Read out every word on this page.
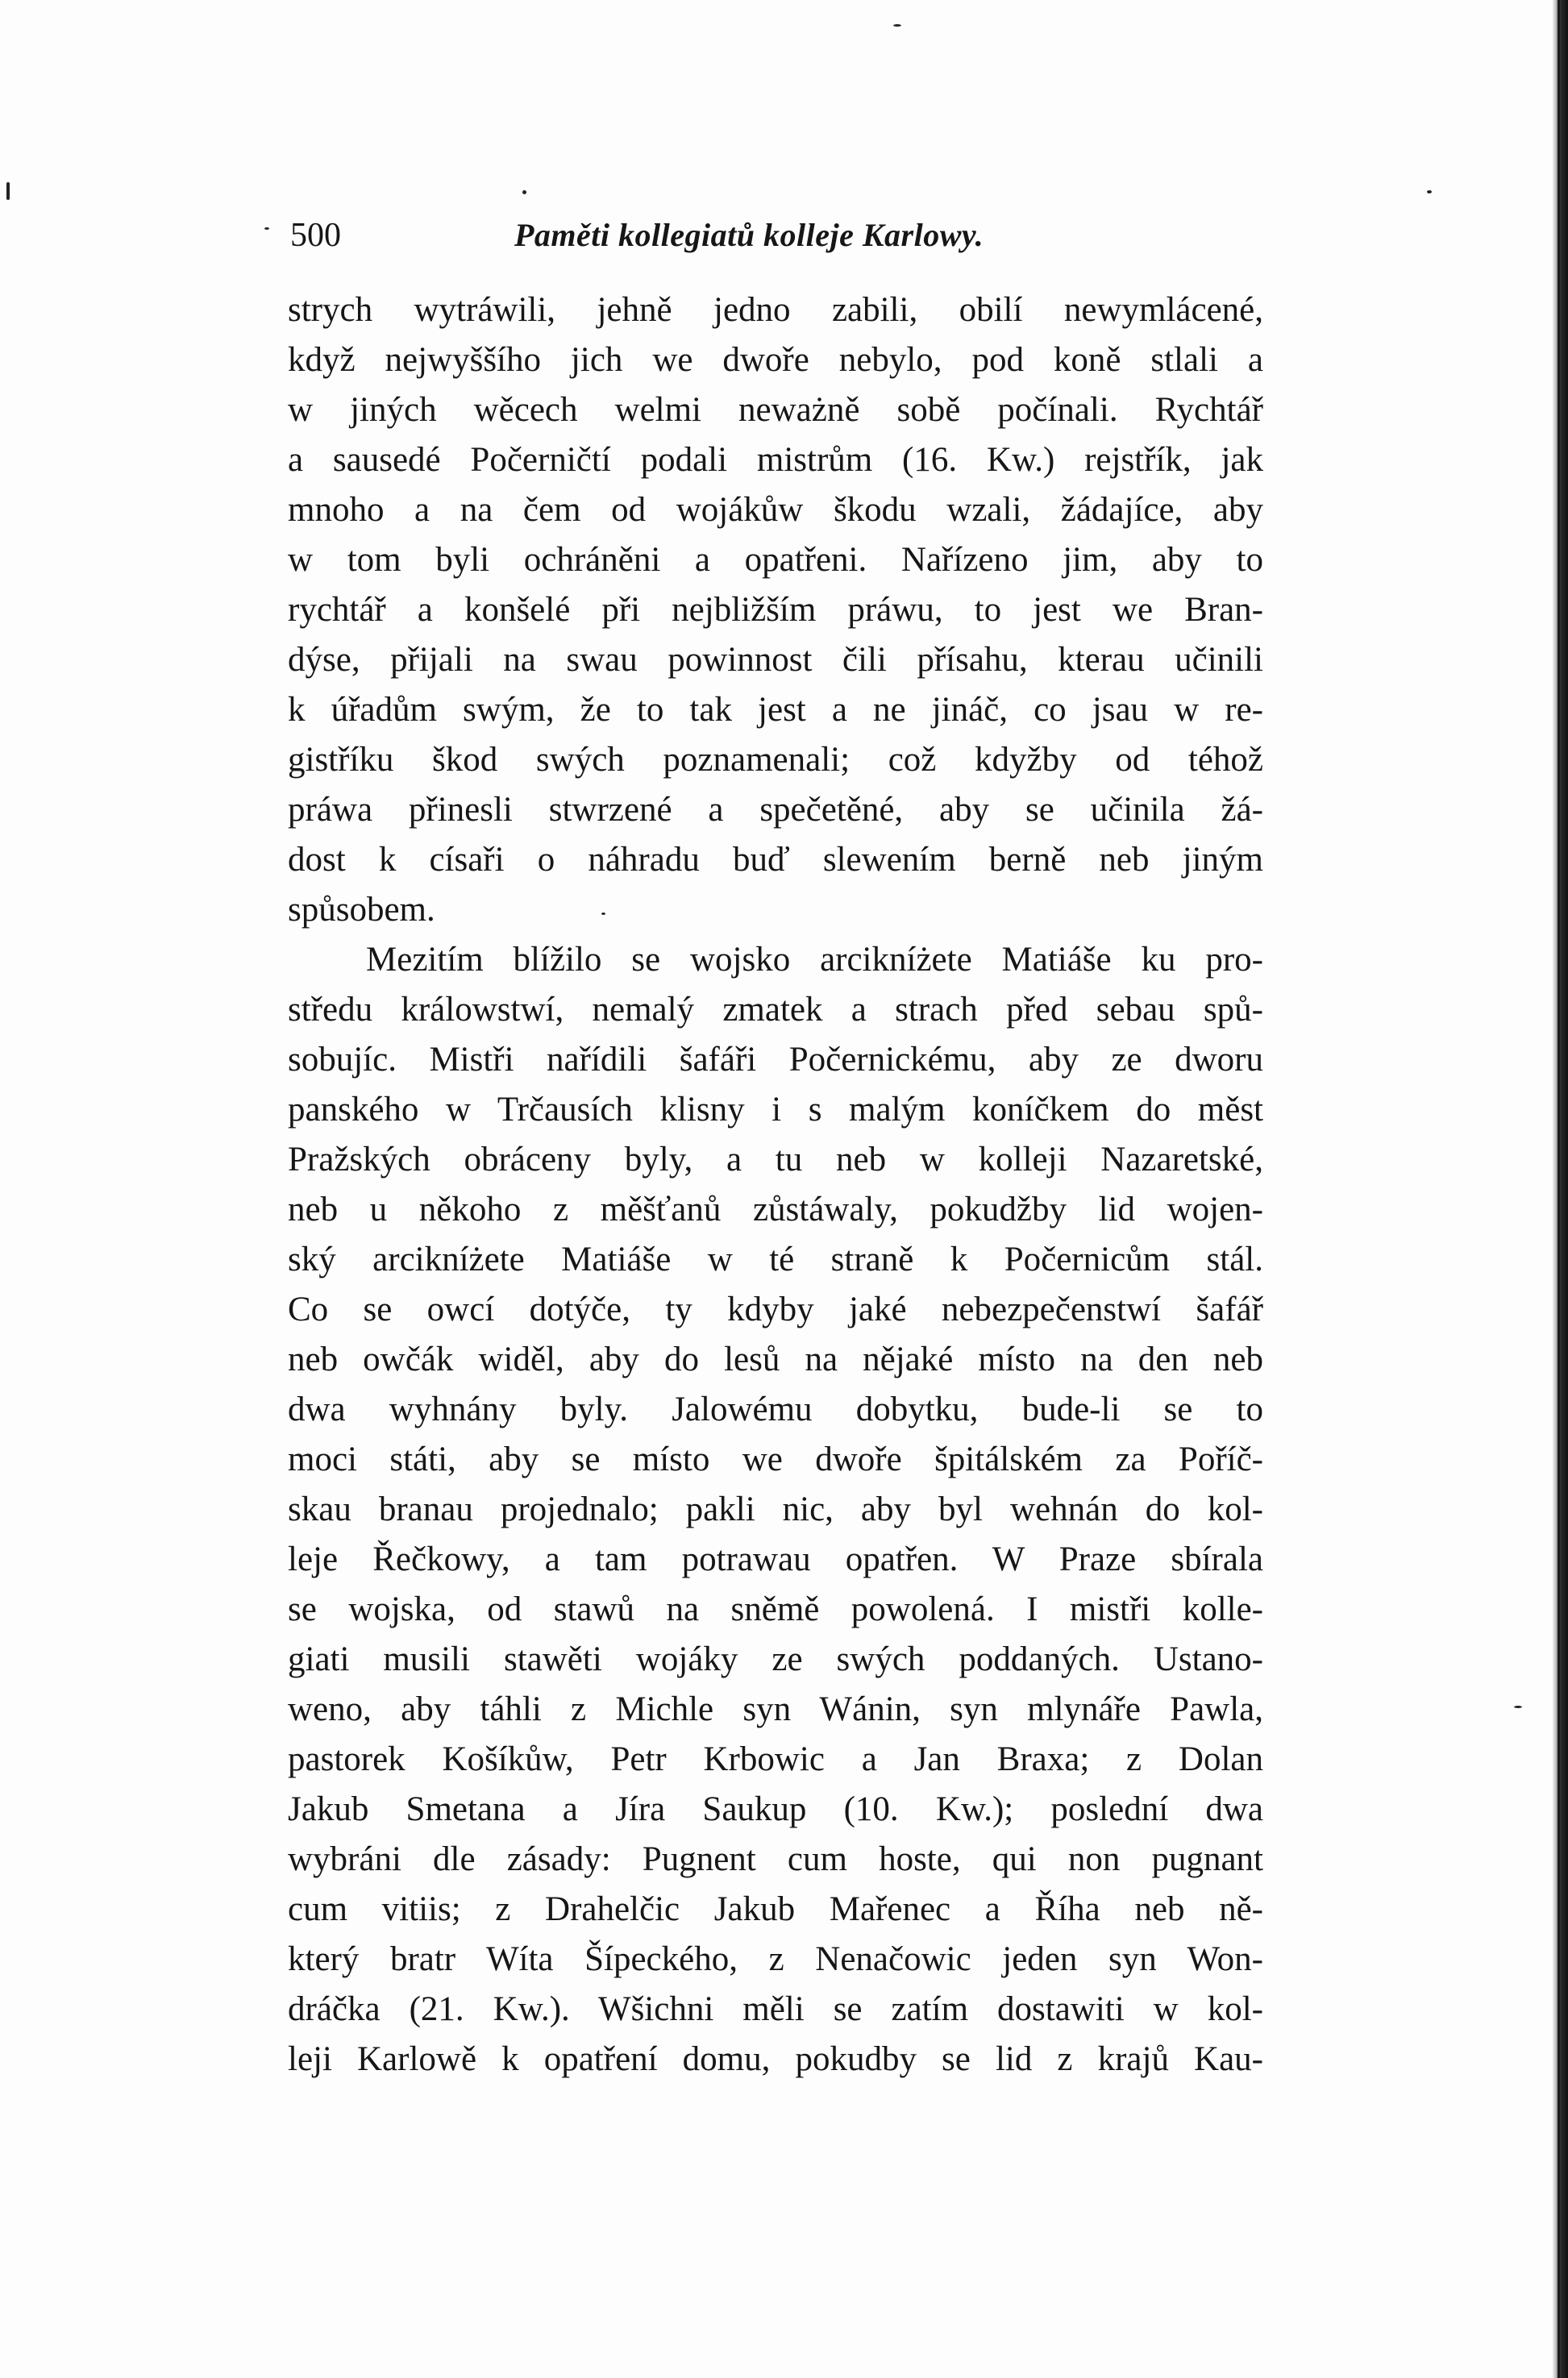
500	Paměti kollegiatů kolleje Karlowy.
strych wytráwili, jehně jedno zabili, obilí newymlácené,
když nejwyššího jich we dwoře nebylo, pod koně stlali a
w jiných wěcech welmi neważně sobě počínali. Rychtář
a sausedé Počerničtí podali mistrům (16. Kw.) rejstřík, jak
mnoho a na čem od wojákůw škodu wzali, žádajíce, aby
w tom byli ochráněni a opatřeni. Nařízeno jim, aby to
rychtář a konšelé při nejbližším práwu, to jest we Bran-
dýse, přijali na swau powinnost čili přísahu, kterau učinili
k úřadům swým, že to tak jest a ne jináč, co jsau w re-
gistříku škod swých poznamenali; což kdyžby od téhož
práwa přinesli stwrzené a spečetěné, aby se učinila žá-
dost k císaři o náhradu buď slewením berně neb jiným
spůsobem.
Mezitím blížilo se wojsko arcikníżete Matiáše ku pro-
středu králowstwí, nemalý zmatek a strach před sebau spů-
sobujíc. Mistři nařídili šafáři Počernickému, aby ze dworu
panského w Trčausích klisny i s malým koníčkem do měst
Pražských obráceny byly, a tu neb w kolleji Nazaretské,
neb u někoho z měšťanů zůstáwaly, pokudžby lid wojen-
ský arcikníżete Matiáše w té straně k Počernicům stál.
Co se owcí dotýče, ty kdyby jaké nebezpečenstwí šafář
neb owčák widěl, aby do lesů na nějaké místo na den neb
dwa wyhnány byly. Jalowému dobytku, bude-li se to
moci státi, aby se místo we dwoře špitálském za Poříč-
skau branau projednalo; pakli nic, aby byl wehnán do kol-
leje Řečkowy, a tam potrawau opatřen. W Praze sbírala
se wojska, od stawů na sněmě powolená. I mistři kolle-
giati musili stawěti wojáky ze swých poddaných. Ustano-
weno, aby táhli z Michle syn Wánin, syn mlynáře Pawla,
pastorek Košíkůw, Petr Krbowic a Jan Braxa; z Dolan
Jakub Smetana a Jíra Saukup (10. Kw.); poslední dwa
wybráni dle zásady: Pugnent cum hoste, qui non pugnant
cum vitiis; z Drahelčic Jakub Mařenec a Říha neb ně-
který bratr Wíta Šípeckého, z Nenačowic jeden syn Won-
dráčka (21. Kw.). Wšichni měli se zatím dostawiti w kol-
leji Karlowě k opatření domu, pokudby se lid z krajů Kau-
